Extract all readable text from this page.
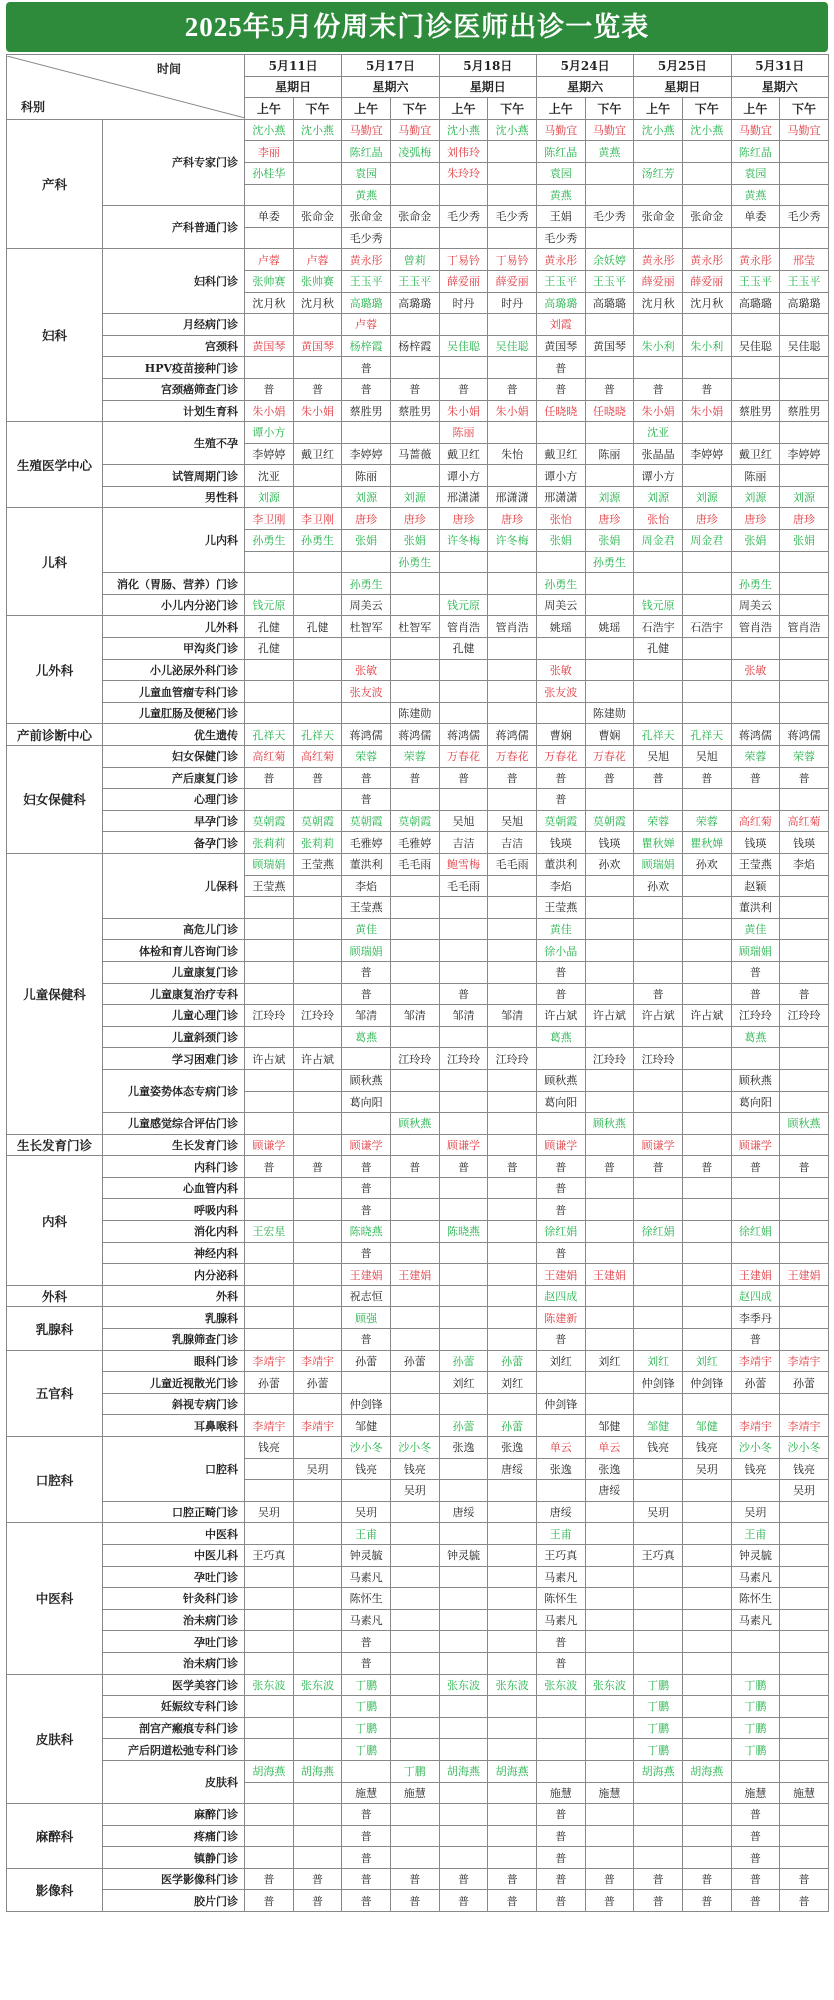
2025年5月份周末门诊医师出诊一览表
时间
科别		5月11日		5月17日		5月18日		5月24日		5月25日		5月31日	
		星期日		星期六		星期日		星期六		星期日		星期六	
		上午	下午	上午	下午	上午	下午	上午	下午	上午	下午	上午	下午
产科	产科专家门诊	沈小燕	沈小燕	马勤宜	马勤宜	沈小燕	沈小燕	马勤宜	马勤宜	沈小燕	沈小燕	马勤宜	马勤宜
		李丽		陈红晶	凌弧梅	刘伟玲		陈红晶	黄燕			陈红晶	
		孙桂华		袁园		朱玲玲		袁园		汤红芳		袁园	
				黄燕				黄燕				黄燕	
	产科普通门诊	单委	张命金	张命金	张命金	毛少秀	毛少秀	王娟	毛少秀	张命金	张命金	单委	毛少秀
				毛少秀				毛少秀					
妇科	妇科门诊	卢蓉	卢蓉	黄永彤	曾莉	丁易钤	丁易钤	黄永彤	余妖婷	黄永彤	黄永彤	黄永彤	邢莹
		张帅赛	张帅赛	王玉平	王玉平	薛爱丽	薛爱丽	王玉平	王玉平	薛爱丽	薛爱丽	王玉平	王玉平
		沈月秋	沈月秋	高璐璐	高璐璐	时丹	时丹	高璐璐	高璐璐	沈月秋	沈月秋	高璐璐	高璐璐
	月经病门诊			卢蓉				刘霞					
	宫颈科	黄国琴	黄国琴	杨梓霞	杨梓霞	吴佳聪	吴佳聪	黄国琴	黄国琴	朱小利	朱小利	吴佳聪	吴佳聪
	HPV疫苗接种门诊			普				普					
	宫颈癌筛查门诊	普	普	普	普	普	普	普	普	普	普		
	计划生育科	朱小娟	朱小娟	蔡胜男	蔡胜男	朱小娟	朱小娟	任晓晓	任晓晓	朱小娟	朱小娟	蔡胜男	蔡胜男
生殖医学中心	生殖不孕	谭小方				陈丽				沈亚			
		李婷婷	戴卫红	李婷婷	马蔷薇	戴卫红	朱怡	戴卫红	陈丽	张晶晶	李婷婷	戴卫红	李婷婷
	试管周期门诊	沈亚		陈丽		谭小方		谭小方		谭小方		陈丽	
	男性科	刘源		刘源	刘源	邢潇潇	邢潇潇	邢潇潇	刘源	刘源	刘源	刘源	刘源
儿科	儿内科	李卫刚	李卫刚	唐珍	唐珍	唐珍	唐珍	张怡	唐珍	张怡	唐珍	唐珍	唐珍
		孙勇生	孙勇生	张娟	张娟	许冬梅	许冬梅	张娟	张娟	周金君	周金君	张娟	张娟
					孙勇生				孙勇生				
	消化（胃肠、营养）门诊			孙勇生				孙勇生				孙勇生	
	小儿内分泌门诊	钱元原		周美云		钱元原		周美云		钱元原		周美云	
儿外科	儿外科	孔健	孔健	杜智军	杜智军	管肖浩	管肖浩	姚瑶	姚瑶	石浩宇	石浩宇	管肖浩	管肖浩
	甲沟炎门诊	孔健				孔健				孔健			
	小儿泌尿外科门诊			张敏				张敏				张敏	
	儿童血管瘤专科门诊			张友波				张友波					
	儿童肛肠及便秘门诊				陈建勋				陈建勋				
产前诊断中心	优生遗传	孔祥天	孔祥天	蒋鸿儒	蒋鸿儒	蒋鸿儒	蒋鸿儒	曹娴	曹娴	孔祥天	孔祥天	蒋鸿儒	蒋鸿儒
妇女保健科	妇女保健门诊	高红菊	高红菊	荣蓉	荣蓉	万春花	万春花	万春花	万春花	吴旭	吴旭	荣蓉	荣蓉
	产后康复门诊	普	普	普	普	普	普	普	普	普	普	普	普
	心理门诊			普				普					
	早孕门诊	莫朝霞	莫朝霞	莫朝霞	莫朝霞	吴旭	吴旭	莫朝霞	莫朝霞	荣蓉	荣蓉	高红菊	高红菊
	备孕门诊	张莉莉	张莉莉	毛雅婷	毛雅婷	吉洁	吉洁	钱瑛	钱瑛	瞿秋婵	瞿秋婵	钱瑛	钱瑛
儿童保健科	儿保科	顾瑞娟	王莹燕	董洪利	毛毛雨	鲍雪梅	毛毛雨	董洪利	孙欢	顾瑞娟	孙欢	王莹燕	李焰
		王莹燕		李焰		毛毛雨		李焰		孙欢		赵颖	
				王莹燕				王莹燕				董洪利	
	高危儿门诊			黄佳				黄佳				黄佳	
	体检和育儿咨询门诊			顾瑞娟				徐小晶				顾瑞娟	
	儿童康复门诊			普				普				普	
	儿童康复治疗专科			普		普		普		普		普	普
	儿童心理门诊	江玲玲	江玲玲	邹清	邹清	邹清	邹清	许占斌	许占斌	许占斌	许占斌	江玲玲	江玲玲
	儿童斜颈门诊			葛燕				葛燕				葛燕	
	学习困难门诊	许占斌	许占斌		江玲玲	江玲玲	江玲玲		江玲玲	江玲玲			
	儿童姿势体态专病门诊			顾秋燕				顾秋燕				顾秋燕	
				葛向阳				葛向阳				葛向阳	
	儿童感觉综合评估门诊				顾秋燕				顾秋燕				顾秋燕
生长发育门诊	生长发育门诊	顾谦学		顾谦学		顾谦学		顾谦学		顾谦学		顾谦学	
内科	内科门诊	普	普	普	普	普	普	普	普	普	普	普	普
	心血管内科			普				普					
	呼吸内科			普				普					
	消化内科	王宏星		陈晓燕		陈晓燕		徐红娟		徐红娟		徐红娟	
	神经内科			普				普					
	内分泌科			王建娟	王建娟			王建娟	王建娟			王建娟	王建娟
外科	外科			祝志恒				赵四成				赵四成	
乳腺科	乳腺科			顾强				陈建新				李季丹	
	乳腺筛查门诊			普				普				普	
五官科	眼科门诊	李靖宇	李靖宇	孙蕾	孙蕾	孙蕾	孙蕾	刘红	刘红	刘红	刘红	李靖宇	李靖宇
	儿童近视散光门诊	孙蕾	孙蕾			刘红	刘红			仲剑锋	仲剑锋	孙蕾	孙蕾
	斜视专病门诊			仲剑锋				仲剑锋					
	耳鼻喉科	李靖宇	李靖宇	邹健		孙蕾	孙蕾		邹健	邹健	邹健	李靖宇	李靖宇
口腔科	口腔科	钱亮		沙小冬	沙小冬	张逸	张逸	单云	单云	钱亮	钱亮	沙小冬	沙小冬
			吴玥	钱亮	钱亮		唐绥	张逸	张逸		吴玥	钱亮	钱亮
					吴玥				唐绥				吴玥
	口腔正畸门诊	吴玥		吴玥		唐绥		唐绥		吴玥		吴玥	
中医科	中医科			王甫				王甫				王甫	
	中医儿科	王巧真		钟灵毓		钟灵毓		王巧真		王巧真		钟灵毓	
	孕吐门诊			马素凡				马素凡				马素凡	
	针灸科门诊			陈怀生				陈怀生				陈怀生	
	治未病门诊			马素凡				马素凡				马素凡	
	孕吐门诊			普				普					
	治未病门诊			普				普					
皮肤科	医学美容门诊	张东波	张东波	丁鹏		张东波	张东波	张东波	张东波	丁鹏		丁鹏	
	妊娠纹专科门诊			丁鹏						丁鹏		丁鹏	
	剖宫产瘢痕专科门诊			丁鹏						丁鹏		丁鹏	
	产后阴道松弛专科门诊			丁鹏						丁鹏		丁鹏	
	皮肤科	胡海燕	胡海燕		丁鹏	胡海燕	胡海燕			胡海燕	胡海燕		
				施慧	施慧			施慧	施慧			施慧	施慧
麻醉科	麻醉门诊			普				普				普	
	疼痛门诊			普				普				普	
	镇静门诊			普				普				普	
影像科	医学影像科门诊	普	普	普	普	普	普	普	普	普	普	普	普
	胶片门诊	普	普	普	普	普	普	普	普	普	普	普	普
